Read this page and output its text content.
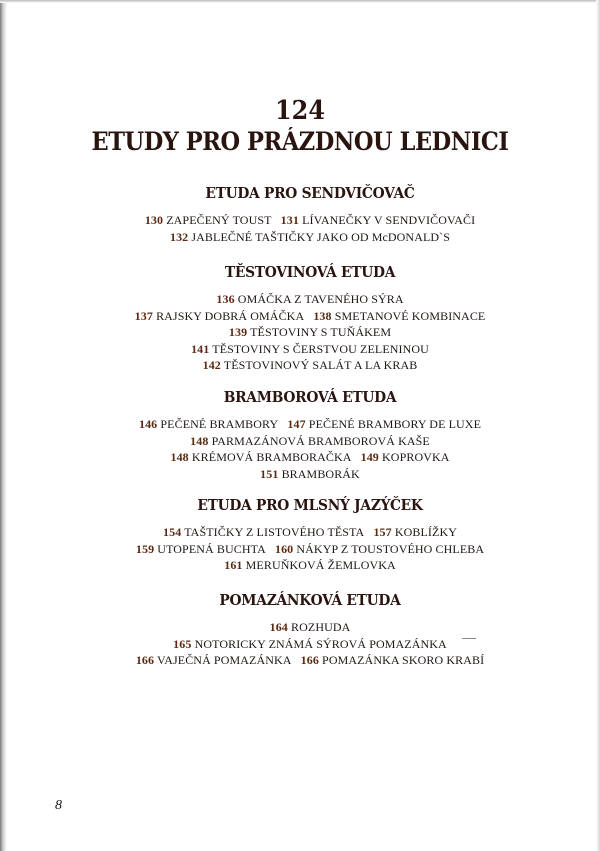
124
ETUDY PRO PRÁZDNOU LEDNICI
ETUDA PRO SENDVIČOVAČ
130 ZAPEČENÝ TOUST 131 LÍVANEČKY V SENDVIČOVAČI
132 JABLEČNÉ TAŠTIČKY JAKO OD McDONALD`S
TĚSTOVINOVÁ ETUDA
136 OMÁČKA Z TAVENÉHO SÝRA
137 RAJSKY DOBRÁ OMÁČKA 138 SMETANOVÉ KOMBINACE
139 TĚSTOVINY S TUŇÁKEM
141 TĚSTOVINY S ČERSTVOU ZELENINOU
142 TĚSTOVINOVÝ SALÁT A LA KRAB
BRAMBOROVÁ ETUDA
146 PEČENÉ BRAMBORY 147 PEČENÉ BRAMBORY DE LUXE
148 PARMAZÁNOVÁ BRAMBOROVÁ KAŠE
148 KRÉMOVÁ BRAMBORAČKA 149 KOPROVKA
151 BRAMBORÁK
ETUDA PRO MLSNÝ JAZÝČEK
154 TAŠTIČKY Z LISTOVÉHO TĚSTA 157 KOBLÍŽKY
159 UTOPENÁ BUCHTA 160 NÁKYP Z TOUSTOVÉHO CHLEBA
161 MERUŇKOVÁ ŽEMLOVKA
POMAZÁNKOVÁ ETUDA
164 ROZHUDA
165 NOTORICKY ZNÁMÁ SÝROVÁ POMAZÁNKA
166 VAJEČNÁ POMAZÁNKA 166 POMAZÁNKA SKORO KRABÍ
8
